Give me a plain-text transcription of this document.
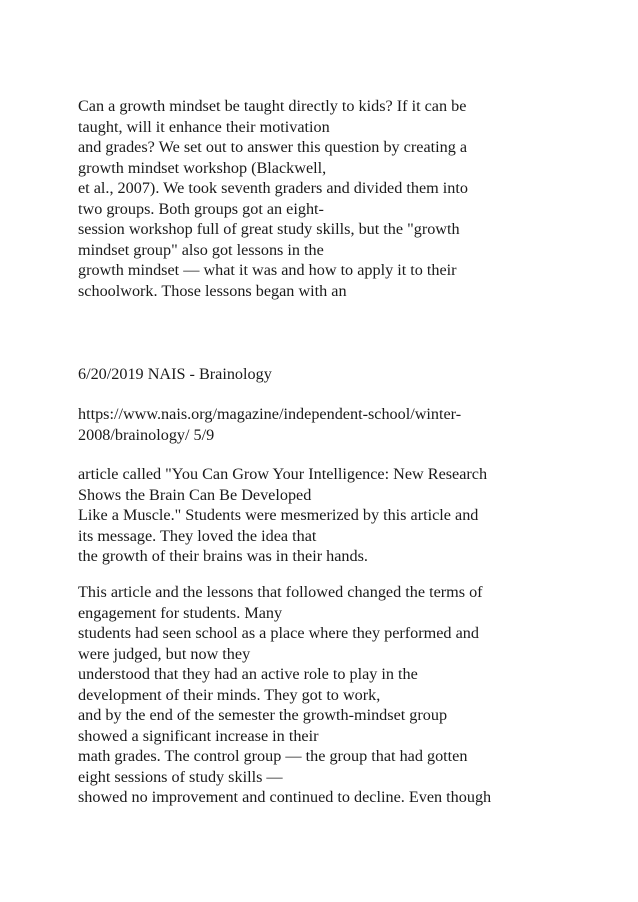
Can a growth mindset be taught directly to kids? If it can be
taught, will it enhance their motivation
and grades? We set out to answer this question by creating a
growth mindset workshop (Blackwell,
et al., 2007). We took seventh graders and divided them into
two groups. Both groups got an eight-
session workshop full of great study skills, but the "growth
mindset group" also got lessons in the
growth mindset — what it was and how to apply it to their
schoolwork. Those lessons began with an
6/20/2019 NAIS - Brainology
https://www.nais.org/magazine/independent-school/winter-
2008/brainology/ 5/9
article called "You Can Grow Your Intelligence: New Research
Shows the Brain Can Be Developed
Like a Muscle." Students were mesmerized by this article and
its message. They loved the idea that
the growth of their brains was in their hands.
This article and the lessons that followed changed the terms of
engagement for students. Many
students had seen school as a place where they performed and
were judged, but now they
understood that they had an active role to play in the
development of their minds. They got to work,
and by the end of the semester the growth-mindset group
showed a significant increase in their
math grades. The control group — the group that had gotten
eight sessions of study skills —
showed no improvement and continued to decline. Even though
